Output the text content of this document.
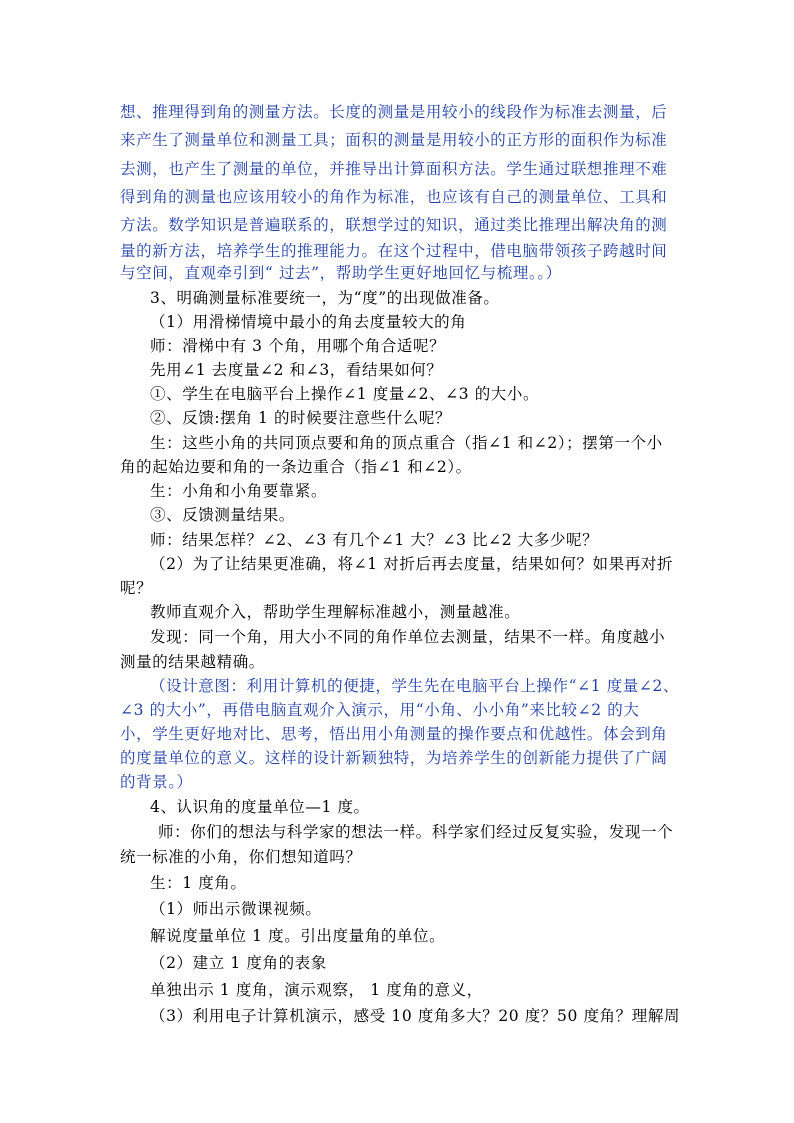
想、推理得到角的测量方法。长度的测量是用较小的线段作为标准去测量，后
来产生了测量单位和测量工具；面积的测量是用较小的正方形的面积作为标准
去测，也产生了测量的单位，并推导出计算面积方法。学生通过联想推理不难
得到角的测量也应该用较小的角作为标准，也应该有自己的测量单位、工具和
方法。数学知识是普遍联系的，联想学过的知识，通过类比推理出解决角的测
量的新方法，培养学生的推理能力。在这个过程中，借电脑带领孩子跨越时间
与空间，直观牵引到“ 过去”，帮助学生更好地回忆与梳理。。）
3、明确测量标准要统一，为“度”的出现做准备。
（1）用滑梯情境中最小的角去度量较大的角
师：滑梯中有 3 个角，用哪个角合适呢？
先用∠1 去度量∠2 和∠3，看结果如何？
①、学生在电脑平台上操作∠1 度量∠2、∠3 的大小。
②、反馈:摆角 1 的时候要注意些什么呢？
生：这些小角的共同顶点要和角的顶点重合（指∠1 和∠2）；摆第一个小
角的起始边要和角的一条边重合（指∠1 和∠2）。
生：小角和小角要靠紧。
③、反馈测量结果。
师：结果怎样？∠2、∠3 有几个∠1 大？∠3 比∠2 大多少呢？
（2）为了让结果更准确，将∠1 对折后再去度量，结果如何？如果再对折
呢？
教师直观介入，帮助学生理解标准越小，测量越准。
发现：同一个角，用大小不同的角作单位去测量，结果不一样。角度越小
测量的结果越精确。
（设计意图：利用计算机的便捷，学生先在电脑平台上操作“∠1 度量∠2、
∠3 的大小”，再借电脑直观介入演示，用“小角、小小角”来比较∠2 的大
小，学生更好地对比、思考，悟出用小角测量的操作要点和优越性。体会到角
的度量单位的意义。这样的设计新颖独特，为培养学生的创新能力提供了广阔
的背景。）
4、认识角的度量单位—1 度。
师：你们的想法与科学家的想法一样。科学家们经过反复实验，发现一个
统一标准的小角，你们想知道吗？
生：1 度角。
（1）师出示微课视频。
解说度量单位 1 度。引出度量角的单位。
（2）建立 1 度角的表象
单独出示 1 度角，演示观察， 1 度角的意义，
（3）利用电子计算机演示，感受 10 度角多大？20 度？50 度角？理解周
